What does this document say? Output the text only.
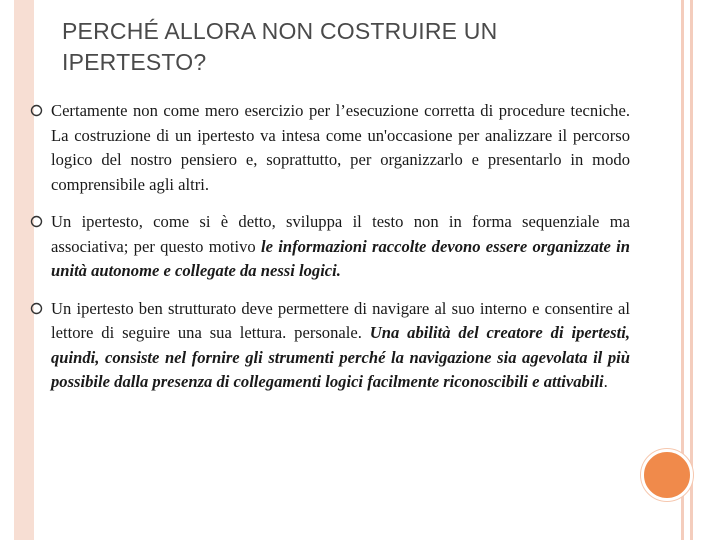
PERCHÉ ALLORA NON COSTRUIRE UN IPERTESTO?
Certamente non come mero esercizio per l’esecuzione corretta di procedure tecniche. La costruzione di un ipertesto va intesa come un'occasione per analizzare il percorso logico del nostro pensiero e, soprattutto, per organizzarlo e presentarlo in modo comprensibile agli altri.
Un ipertesto, come si è detto, sviluppa il testo non in forma sequenziale ma associativa; per questo motivo le informazioni raccolte devono essere organizzate in unità autonome e collegate da nessi logici.
Un ipertesto ben strutturato deve permettere di navigare al suo interno e consentire al lettore di seguire una sua lettura. personale. Una abilità del creatore di ipertesti, quindi, consiste nel fornire gli strumenti perché la navigazione sia agevolata il più possibile dalla presenza di collegamenti logici facilmente riconoscibili e attivabili.
